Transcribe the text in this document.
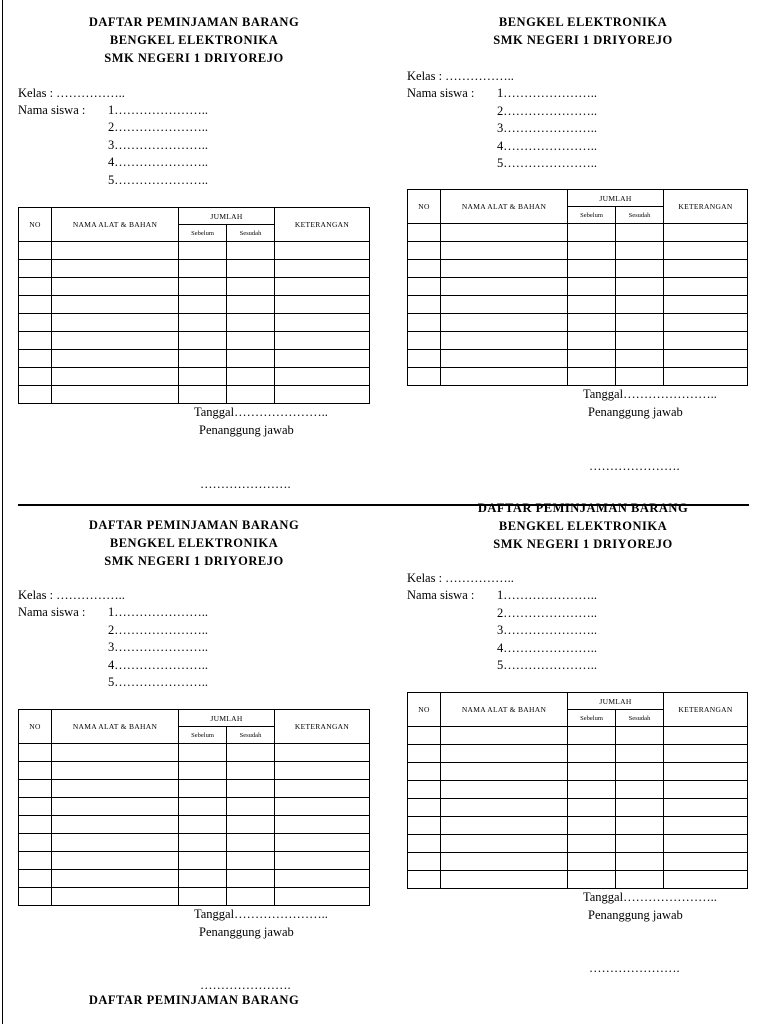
DAFTAR PEMINJAMAN BARANG
BENGKEL ELEKTRONIKA
SMK NEGERI 1 DRIYOREJO
Kelas : ……………..
Nama siswa : 1…………………..
2…………………..
3…………………..
4…………………..
5…………………..
NO	NAMA ALAT & BAHAN	JUMLAH		KETERANGAN
		Sebelum	Sesudah	

Tanggal…………………..
Penanggung jawab
………………….
BENGKEL ELEKTRONIKA
SMK NEGERI 1 DRIYOREJO
Kelas : ……………..
Nama siswa : 1…………………..
2…………………..
3…………………..
4…………………..
5…………………..
NO	NAMA ALAT & BAHAN	JUMLAH		KETERANGAN
		Sebelum	Sesudah	

Tanggal…………………..
Penanggung jawab
………………….
DAFTAR PEMINJAMAN BARANG
BENGKEL ELEKTRONIKA
SMK NEGERI 1 DRIYOREJO
Kelas : ……………..
Nama siswa : 1…………………..
2…………………..
3…………………..
4…………………..
5…………………..
NO	NAMA ALAT & BAHAN	JUMLAH		KETERANGAN
		Sebelum	Sesudah	

Tanggal…………………..
Penanggung jawab
………………….
DAFTAR PEMINJAMAN BARANG
BENGKEL ELEKTRONIKA
SMK NEGERI 1 DRIYOREJO
Kelas : ……………..
Nama siswa : 1…………………..
2…………………..
3…………………..
4…………………..
5…………………..
NO	NAMA ALAT & BAHAN	JUMLAH		KETERANGAN
		Sebelum	Sesudah	

Tanggal…………………..
Penanggung jawab
………………….
DAFTAR PEMINJAMAN BARANG
